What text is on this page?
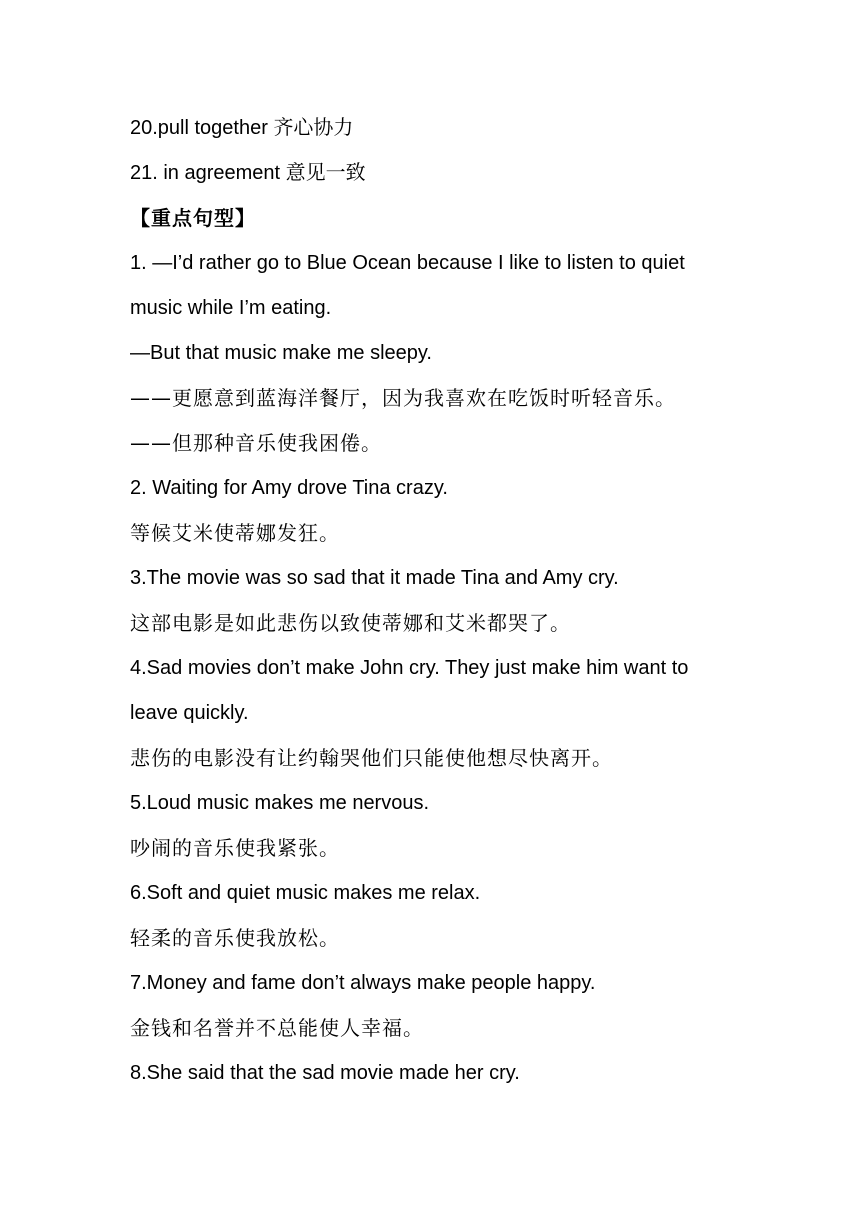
20.pull together 齐心协力
21. in agreement 意见一致
【重点句型】
1. —I’d rather go to Blue Ocean because I like to listen to quiet
music while I’m eating.
—But that music make me sleepy.
——更愿意到蓝海洋餐厅，因为我喜欢在吃饭时听轻音乐。
——但那种音乐使我困倦。
2. Waiting for Amy drove Tina crazy.
等候艾米使蒂娜发狂。
3.The movie was so sad that it made Tina and Amy cry.
这部电影是如此悲伤以致使蒂娜和艾米都哭了。
4.Sad movies don’t make John cry. They just make him want to
leave quickly.
悲伤的电影没有让约翰哭他们只能使他想尽快离开。
5.Loud music makes me nervous.
吵闹的音乐使我紧张。
6.Soft and quiet music makes me relax.
轻柔的音乐使我放松。
7.Money and fame don’t always make people happy.
金钱和名誉并不总能使人幸福。
8.She said that the sad movie made her cry.
